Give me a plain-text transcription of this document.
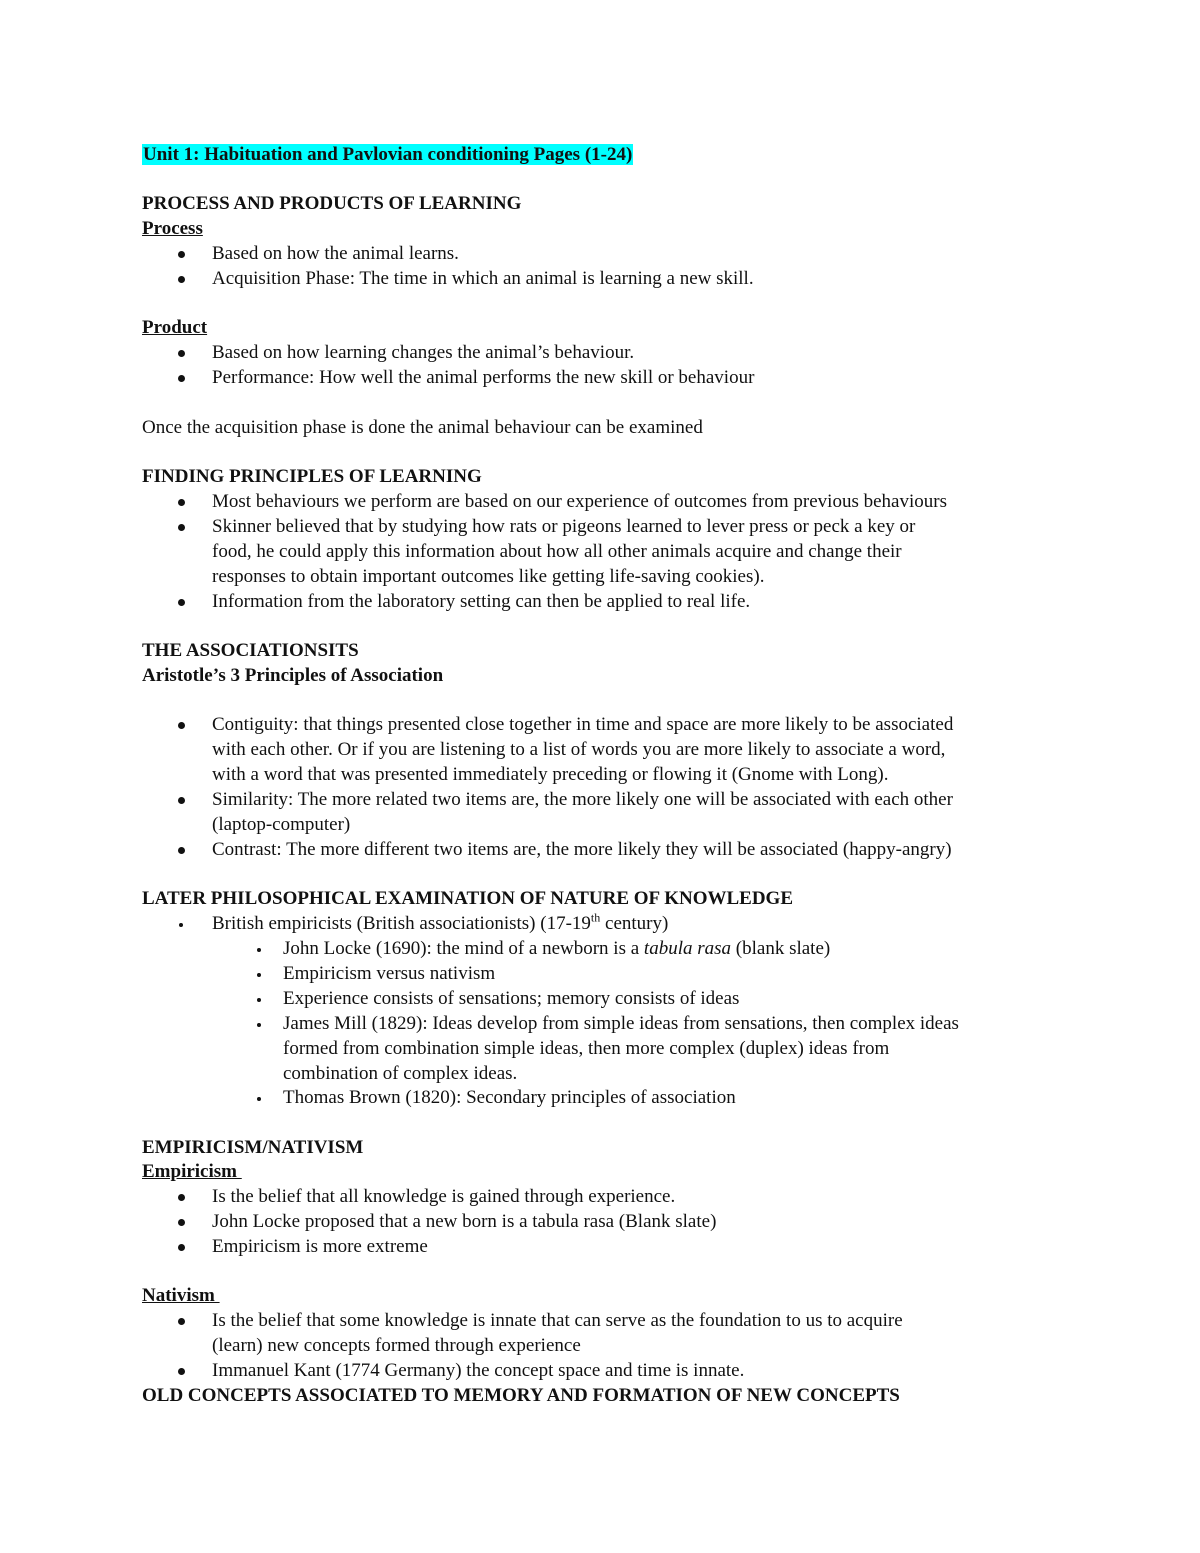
Unit 1: Habituation and Pavlovian conditioning Pages (1-24)
PROCESS AND PRODUCTS OF LEARNING
Process
Based on how the animal learns.
Acquisition Phase: The time in which an animal is learning a new skill.
Product
Based on how learning changes the animal’s behaviour.
Performance: How well the animal performs the new skill or behaviour
Once the acquisition phase is done the animal behaviour can be examined
FINDING PRINCIPLES OF LEARNING
Most behaviours we perform are based on our experience of outcomes from previous behaviours
Skinner believed that by studying how rats or pigeons learned to lever press or peck a key or
food, he could apply this information about how all other animals acquire and change their
responses to obtain important outcomes like getting life-saving cookies).
Information from the laboratory setting can then be applied to real life.
THE ASSOCIATIONSITS
Aristotle’s 3 Principles of Association
Contiguity: that things presented close together in time and space are more likely to be associated
with each other. Or if you are listening to a list of words you are more likely to associate a word,
with a word that was presented immediately preceding or flowing it (Gnome with Long).
Similarity: The more related two items are, the more likely one will be associated with each other
(laptop-computer)
Contrast: The more different two items are, the more likely they will be associated (happy-angry)
LATER PHILOSOPHICAL EXAMINATION OF NATURE OF KNOWLEDGE
British empiricists (British associationists) (17-19th century)
John Locke (1690): the mind of a newborn is a tabula rasa (blank slate)
Empiricism versus nativism
Experience consists of sensations; memory consists of ideas
James Mill (1829): Ideas develop from simple ideas from sensations, then complex ideas
formed from combination simple ideas, then more complex (duplex) ideas from
combination of complex ideas.
Thomas Brown (1820): Secondary principles of association
EMPIRICISM/NATIVISM
Empiricism
Is the belief that all knowledge is gained through experience.
John Locke proposed that a new born is a tabula rasa (Blank slate)
Empiricism is more extreme
Nativism
Is the belief that some knowledge is innate that can serve as the foundation to us to acquire
(learn) new concepts formed through experience
Immanuel Kant (1774 Germany) the concept space and time is innate.
OLD CONCEPTS ASSOCIATED TO MEMORY AND FORMATION OF NEW CONCEPTS
